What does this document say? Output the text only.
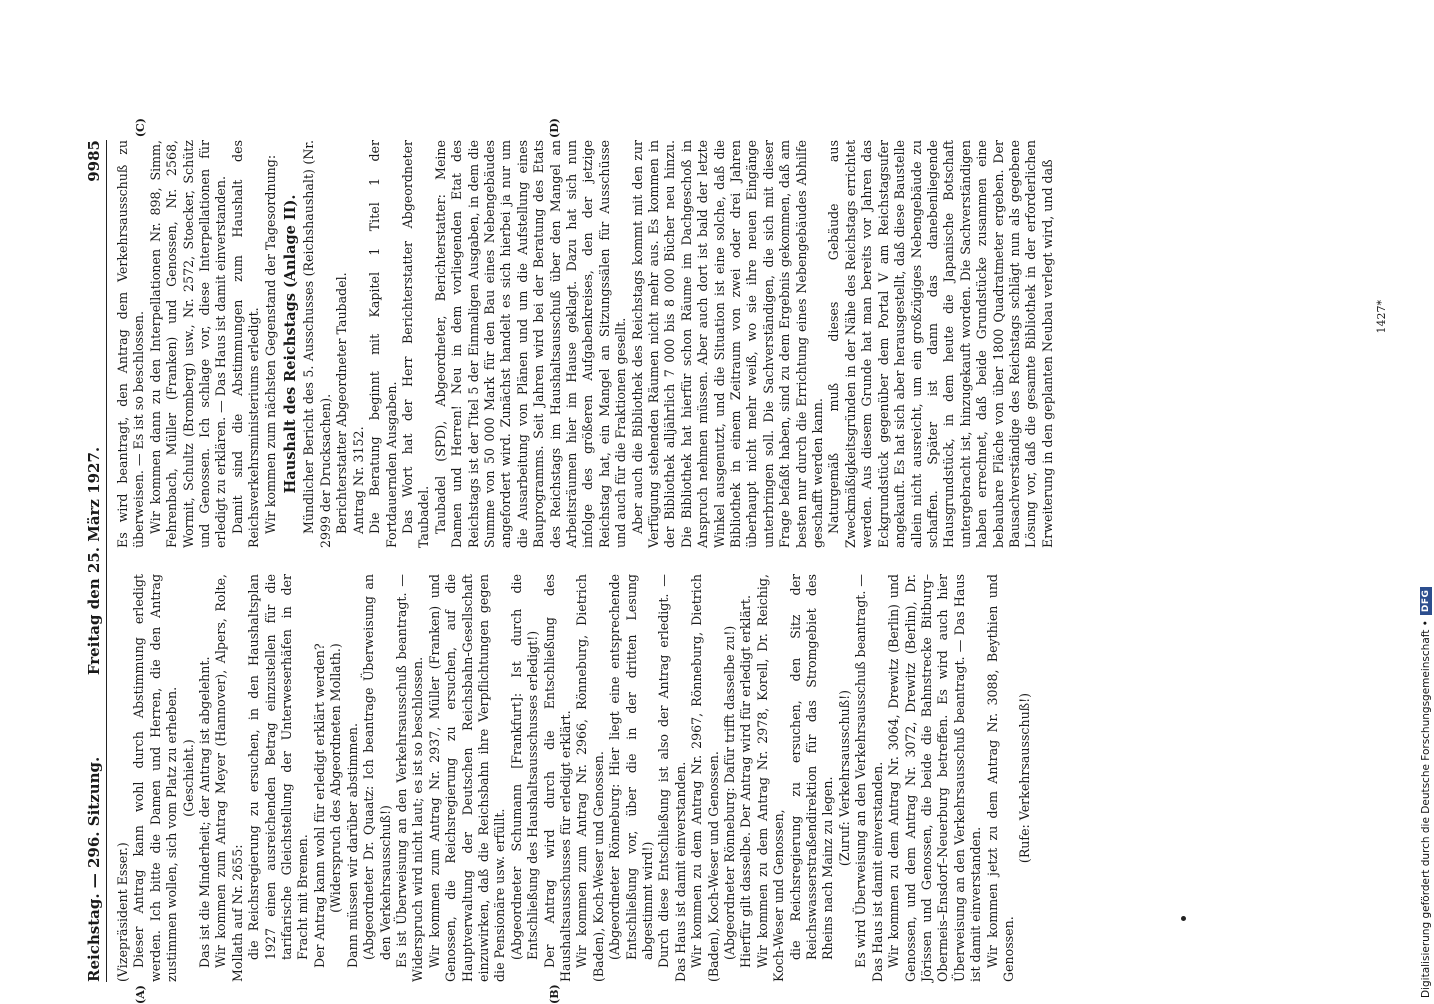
Reichstag. — 296. Sitzung.
Freitag den 25. März 1927.
9985
(A)	(B)

(Vizepräsident Esser.) Dieser Antrag kann wohl durch Abstimmung erledigt werden. Ich bitte die Damen und Herren, die den Antrag zustimmen wollen, sich vom Platz zu erheben. (Geschieht.) Das ist die Minderheit; der Antrag ist abgelehnt. Wir kommen zum Antrag Meyer (Hannover), Alpers, Rolte, Mollath auf Nr. 2655: die Reichsregierung zu ersuchen, in den Haushaltsplan 1927 einen ausreichenden Betrag einzustellen für die tarifarische Gleichstellung der Unterweserhäfen in der Fracht mit Bremen. Der Antrag kann wohl für erledigt erklärt werden? (Widerspruch des Abgeordneten Mollath.) Dann müssen wir darüber abstimmen. (Abgeordneter Dr. Quaatz: Ich beantrage Überweisung an den Verkehrsausschuß!) Es ist Überweisung an den Verkehrsausschuß beantragt. — Widerspruch wird nicht laut; es ist so beschlossen. Wir kommen zum Antrag Nr. 2937, Müller (Franken) und Genossen, die Reichsregierung zu ersuchen, auf die Hauptverwaltung der Deutschen Reichsbahn-Gesellschaft einzuwirken, daß die Reichsbahn ihre Verpflichtungen gegen die Pensionäre usw. erfüllt. (Abgeordneter Schumann [Frankfurt]: Ist durch die Entschließung des Haushaltsausschusses erledigt!) Der Antrag wird durch die Entschließung des Haushaltsausschusses für erledigt erklärt. Wir kommen zum Antrag Nr. 2966, Rönneburg, Dietrich (Baden), Koch-Weser und Genossen. (Abgeordneter Rönneburg: Hier liegt eine entsprechende Entschließung vor, über die in der dritten Lesung abgestimmt wird!) Durch diese Entschließung ist also der Antrag erledigt. — Das Haus ist damit einverstanden. Wir kommen zu dem Antrag Nr. 2967, Rönneburg, Dietrich (Baden), Koch-Weser und Genossen. (Abgeordneter Rönneburg: Dafür trifft dasselbe zu!) Hierfür gilt dasselbe. Der Antrag wird für erledigt erklärt. Wir kommen zu dem Antrag Nr. 2978, Korell, Dr. Reichig, Koch-Weser und Genossen, die Reichsregierung zu ersuchen, den Sitz der Reichswasserstraßendirektion für das Stromgebiet des Rheins nach Mainz zu legen. (Zuruf: Verkehrsausschuß!) Es wird Überweisung an den Verkehrsausschuß beantragt. — Das Haus ist damit einverstanden. Wir kommen zu dem Antrag Nr. 3064, Drewitz (Berlin) und Genossen, und dem Antrag Nr. 3072, Drewitz (Berlin), Dr. Jörissen und Genossen, die beide die Bahnstrecke Bitburg–Obermeis–Ensdorf–Neuerburg betreffen. Es wird auch hier Überweisung an den Verkehrsausschuß beantragt. — Das Haus ist damit einverstanden. Wir kommen jetzt zu dem Antrag Nr. 3088, Beythien und Genossen.

(Rufe: Verkehrsausschuß!)

(C)	(D)

Es wird beantragt, den Antrag dem Verkehrsausschuß zu überweisen. — Es ist so beschlossen. Wir kommen dann zu den Interpellationen Nr. 898, Simm, Fehrenbach, Müller (Franken) und Genossen, Nr. 2568, Wormit, Schultz (Bromberg) usw., Nr. 2572, Stoecker, Schütz und Genossen. Ich schlage vor, diese Interpellationen für erledigt zu erklären. — Das Haus ist damit einverstanden. Damit sind die Abstimmungen zum Haushalt des Reichsverkehrsministeriums erledigt. Wir kommen zum nächsten Gegenstand der Tagesordnung: Haushalt des Reichstags (Anlage II). Mündlicher Bericht des 5. Ausschusses (Reichshaushalt) (Nr. 2999 der Drucksachen). Berichterstatter Abgeordneter Taubadel. Antrag Nr. 3152. Die Beratung beginnt mit Kapitel 1 Titel 1 der Fortdauernden Ausgaben. Das Wort hat der Herr Berichterstatter Abgeordneter Taubadel. Taubadel (SPD), Abgeordneter, Berichterstatter: Meine Damen und Herren! Neu in dem vorliegenden Etat des Reichstags ist der Titel 5 der Einmaligen Ausgaben, in dem die Summe von 50 000 Mark für den Bau eines Nebengebäudes angefordert wird. Zunächst handelt es sich hierbei ja nur um die Ausarbeitung von Plänen und um die Aufstellung eines Bauprogramms. Seit Jahren wird bei der Beratung des Etats des Reichstags im Haushaltsausschuß über den Mangel an Arbeitsräumen hier im Hause geklagt. Dazu hat sich nun infolge des größeren Aufgabenkreises, den der jetzige Reichstag hat, ein Mangel an Sitzungssälen für Ausschüsse und auch für die Fraktionen gesellt. Aber auch die Bibliothek des Reichstags kommt mit den zur Verfügung stehenden Räumen nicht mehr aus. Es kommen in der Bibliothek alljährlich 7 000 bis 8 000 Bücher neu hinzu. Die Bibliothek hat hierfür schon Räume im Dachgeschoß in Anspruch nehmen müssen. Aber auch dort ist bald der letzte Winkel ausgenutzt, und die Situation ist eine solche, daß die Bibliothek in einem Zeitraum von zwei oder drei Jahren überhaupt nicht mehr weiß, wo sie ihre neuen Eingänge unterbringen soll. Die Sachverständigen, die sich mit dieser Frage befaßt haben, sind zu dem Ergebnis gekommen, daß am besten nur durch die Errichtung eines Nebengebäudes Abhilfe geschafft werden kann. Naturgemäß muß dieses Gebäude aus Zweckmäßigkeitsgründen in der Nähe des Reichstags errichtet werden. Aus diesem Grunde hat man bereits vor Jahren das Eckgrundstück gegenüber dem Portal V am Reichstagsufer angekauft. Es hat sich aber herausgestellt, daß diese Baustelle allein nicht ausreicht, um ein großzügiges Nebengebäude zu schaffen. Später ist dann das danebenliegende Hausgrundstück, in dem heute die Japanische Botschaft untergebracht ist, hinzugekauft worden. Die Sachverständigen haben errechnet, daß beide Grundstücke zusammen eine bebaubare Fläche von über 1800 Quadratmeter ergeben. Der Bausachverständige des Reichstags schlägt nun als gegebene Lösung vor, daß die gesamte Bibliothek in der erforderlichen Erweiterung in den geplanten Neubau verlegt wird, und daß	1427*
Digitalisierung gefördert durch die Deutsche Forschungsgemeinschaft •
DFG
